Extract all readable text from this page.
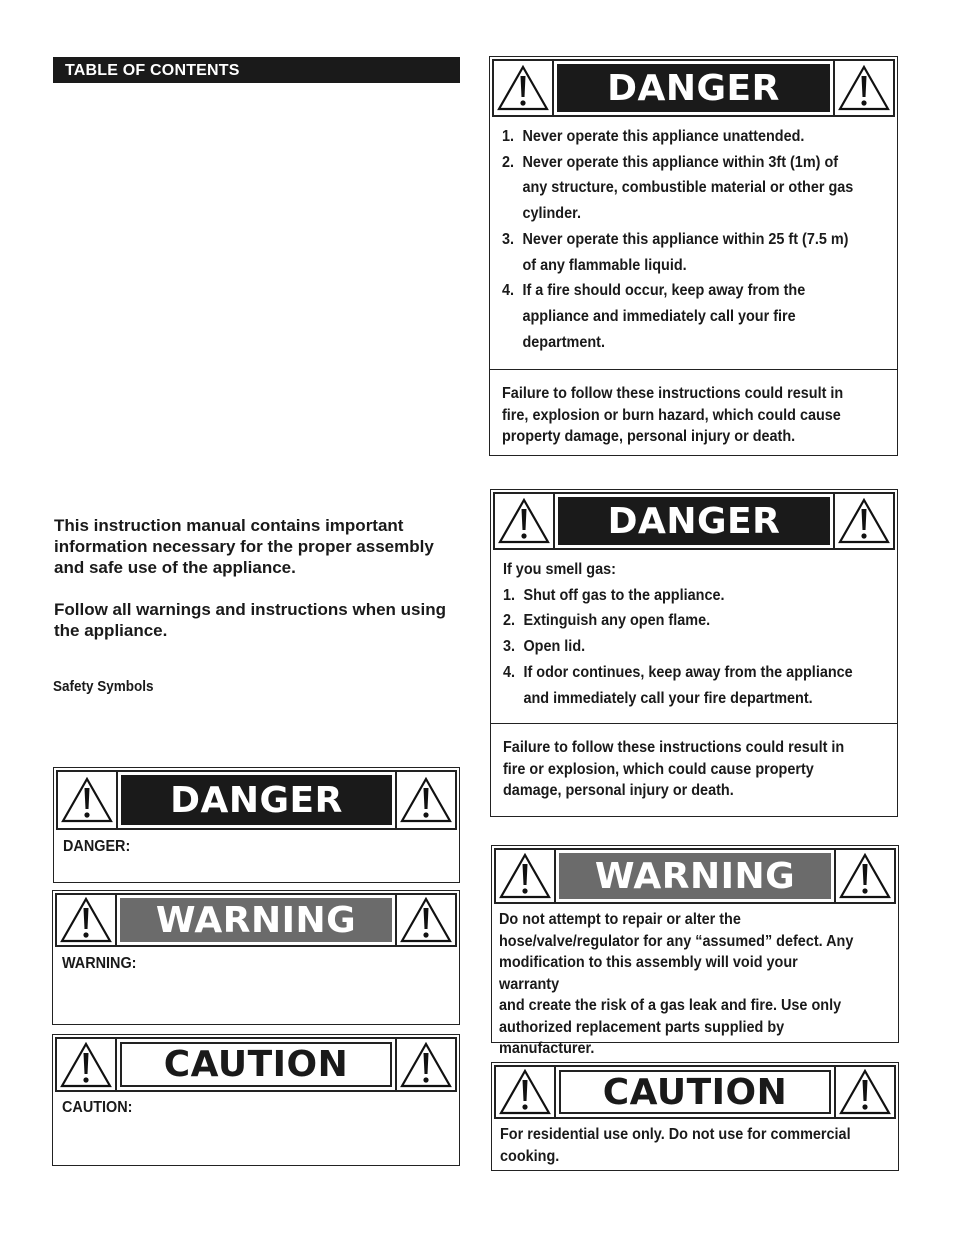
TABLE OF CONTENTS
This instruction manual contains important information necessary for the proper assembly and safe use of the appliance.
Follow all warnings and instructions when using the appliance.
Safety Symbols
DANGER
DANGER:
WARNING
WARNING:
CAUTION
CAUTION:
DANGER
1. Never operate this appliance unattended.
2. Never operate this appliance within 3ft (1m) of
any structure, combustible material or other gas
cylinder.
3. Never operate this appliance within 25 ft (7.5 m)
of any flammable liquid.
4. If a fire should occur, keep away from the
appliance and immediately call your fire
department.
Failure to follow these instructions could result in
fire, explosion or burn hazard, which could cause
property damage, personal injury or death.
DANGER
If you smell gas:
1. Shut off gas to the appliance.
2. Extinguish any open flame.
3. Open lid.
4. If odor continues, keep away from the appliance
and immediately call your fire department.
Failure to follow these instructions could result in
fire or explosion, which could cause property
damage, personal injury or death.
WARNING
Do not attempt to repair or alter the
hose/valve/regulator for any “assumed” defect. Any
modification to this assembly will void your warranty
and create the risk of a gas leak and fire. Use only
authorized replacement parts supplied by
manufacturer.
CAUTION
For residential use only. Do not use for commercial
cooking.
